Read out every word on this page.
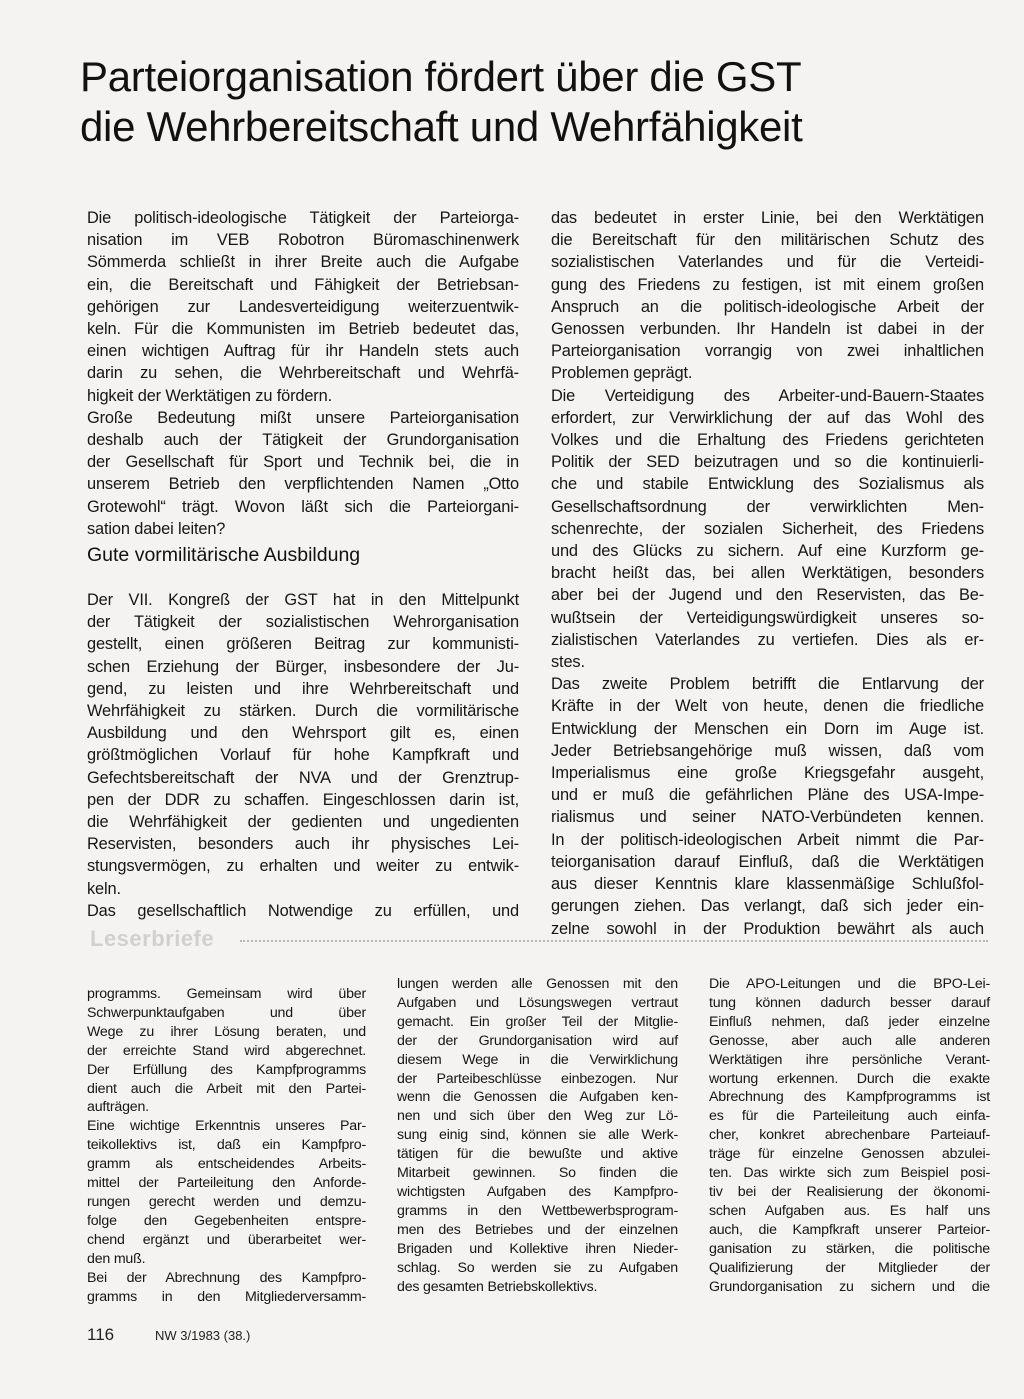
Parteiorganisation fördert über die GST
die Wehrbereitschaft und Wehrfähigkeit
Die politisch-ideologische Tätigkeit der Parteiorga-
nisation im VEB Robotron Büromaschinenwerk
Sömmerda schließt in ihrer Breite auch die Aufgabe
ein, die Bereitschaft und Fähigkeit der Betriebsan-
gehörigen zur Landesverteidigung weiterzuentwik-
keln. Für die Kommunisten im Betrieb bedeutet das,
einen wichtigen Auftrag für ihr Handeln stets auch
darin zu sehen, die Wehrbereitschaft und Wehrfä-
higkeit der Werktätigen zu fördern.
Große Bedeutung mißt unsere Parteiorganisation
deshalb auch der Tätigkeit der Grundorganisation
der Gesellschaft für Sport und Technik bei, die in
unserem Betrieb den verpflichtenden Namen „Otto
Grotewohl“ trägt. Wovon läßt sich die Parteiorgani-
sation dabei leiten?
Gute vormilitärische Ausbildung
Der VII. Kongreß der GST hat in den Mittelpunkt
der Tätigkeit der sozialistischen Wehrorganisation
gestellt, einen größeren Beitrag zur kommunisti-
schen Erziehung der Bürger, insbesondere der Ju-
gend, zu leisten und ihre Wehrbereitschaft und
Wehrfähigkeit zu stärken. Durch die vormilitärische
Ausbildung und den Wehrsport gilt es, einen
größtmöglichen Vorlauf für hohe Kampfkraft und
Gefechtsbereitschaft der NVA und der Grenztrup-
pen der DDR zu schaffen. Eingeschlossen darin ist,
die Wehrfähigkeit der gedienten und ungedienten
Reservisten, besonders auch ihr physisches Lei-
stungsvermögen, zu erhalten und weiter zu entwik-
keln.
Das gesellschaftlich Notwendige zu erfüllen, und
das bedeutet in erster Linie, bei den Werktätigen
die Bereitschaft für den militärischen Schutz des
sozialistischen Vaterlandes und für die Verteidi-
gung des Friedens zu festigen, ist mit einem großen
Anspruch an die politisch-ideologische Arbeit der
Genossen verbunden. Ihr Handeln ist dabei in der
Parteiorganisation vorrangig von zwei inhaltlichen
Problemen geprägt.
Die Verteidigung des Arbeiter-und-Bauern-Staates
erfordert, zur Verwirklichung der auf das Wohl des
Volkes und die Erhaltung des Friedens gerichteten
Politik der SED beizutragen und so die kontinuierli-
che und stabile Entwicklung des Sozialismus als
Gesellschaftsordnung der verwirklichten Men-
schenrechte, der sozialen Sicherheit, des Friedens
und des Glücks zu sichern. Auf eine Kurzform ge-
bracht heißt das, bei allen Werktätigen, besonders
aber bei der Jugend und den Reservisten, das Be-
wußtsein der Verteidigungswürdigkeit unseres so-
zialistischen Vaterlandes zu vertiefen. Dies als er-
stes.
Das zweite Problem betrifft die Entlarvung der
Kräfte in der Welt von heute, denen die friedliche
Entwicklung der Menschen ein Dorn im Auge ist.
Jeder Betriebsangehörige muß wissen, daß vom
Imperialismus eine große Kriegsgefahr ausgeht,
und er muß die gefährlichen Pläne des USA-Impe-
rialismus und seiner NATO-Verbündeten kennen.
In der politisch-ideologischen Arbeit nimmt die Par-
teiorganisation darauf Einfluß, daß die Werktätigen
aus dieser Kenntnis klare klassenmäßige Schlußfol-
gerungen ziehen. Das verlangt, daß sich jeder ein-
zelne sowohl in der Produktion bewährt als auch
Leserbriefe
programms. Gemeinsam wird über
Schwerpunktaufgaben und über
Wege zu ihrer Lösung beraten, und
der erreichte Stand wird abgerechnet.
Der Erfüllung des Kampfprogramms
dient auch die Arbeit mit den Partei-
aufträgen.
Eine wichtige Erkenntnis unseres Par-
teikollektivs ist, daß ein Kampfpro-
gramm als entscheidendes Arbeits-
mittel der Parteileitung den Anforde-
rungen gerecht werden und demzu-
folge den Gegebenheiten entspre-
chend ergänzt und überarbeitet wer-
den muß.
Bei der Abrechnung des Kampfpro-
gramms in den Mitgliederversamm-
lungen werden alle Genossen mit den
Aufgaben und Lösungswegen vertraut
gemacht. Ein großer Teil der Mitglie-
der der Grundorganisation wird auf
diesem Wege in die Verwirklichung
der Parteibeschlüsse einbezogen. Nur
wenn die Genossen die Aufgaben ken-
nen und sich über den Weg zur Lö-
sung einig sind, können sie alle Werk-
tätigen für die bewußte und aktive
Mitarbeit gewinnen. So finden die
wichtigsten Aufgaben des Kampfpro-
gramms in den Wettbewerbsprogram-
men des Betriebes und der einzelnen
Brigaden und Kollektive ihren Nieder-
schlag. So werden sie zu Aufgaben
des gesamten Betriebskollektivs.
Die APO-Leitungen und die BPO-Lei-
tung können dadurch besser darauf
Einfluß nehmen, daß jeder einzelne
Genosse, aber auch alle anderen
Werktätigen ihre persönliche Verant-
wortung erkennen. Durch die exakte
Abrechnung des Kampfprogramms ist
es für die Parteileitung auch einfa-
cher, konkret abrechenbare Parteiauf-
träge für einzelne Genossen abzulei-
ten. Das wirkte sich zum Beispiel posi-
tiv bei der Realisierung der ökonomi-
schen Aufgaben aus. Es half uns
auch, die Kampfkraft unserer Parteior-
ganisation zu stärken, die politische
Qualifizierung der Mitglieder der
Grundorganisation zu sichern und die
116	NW 3/1983 (38.)
